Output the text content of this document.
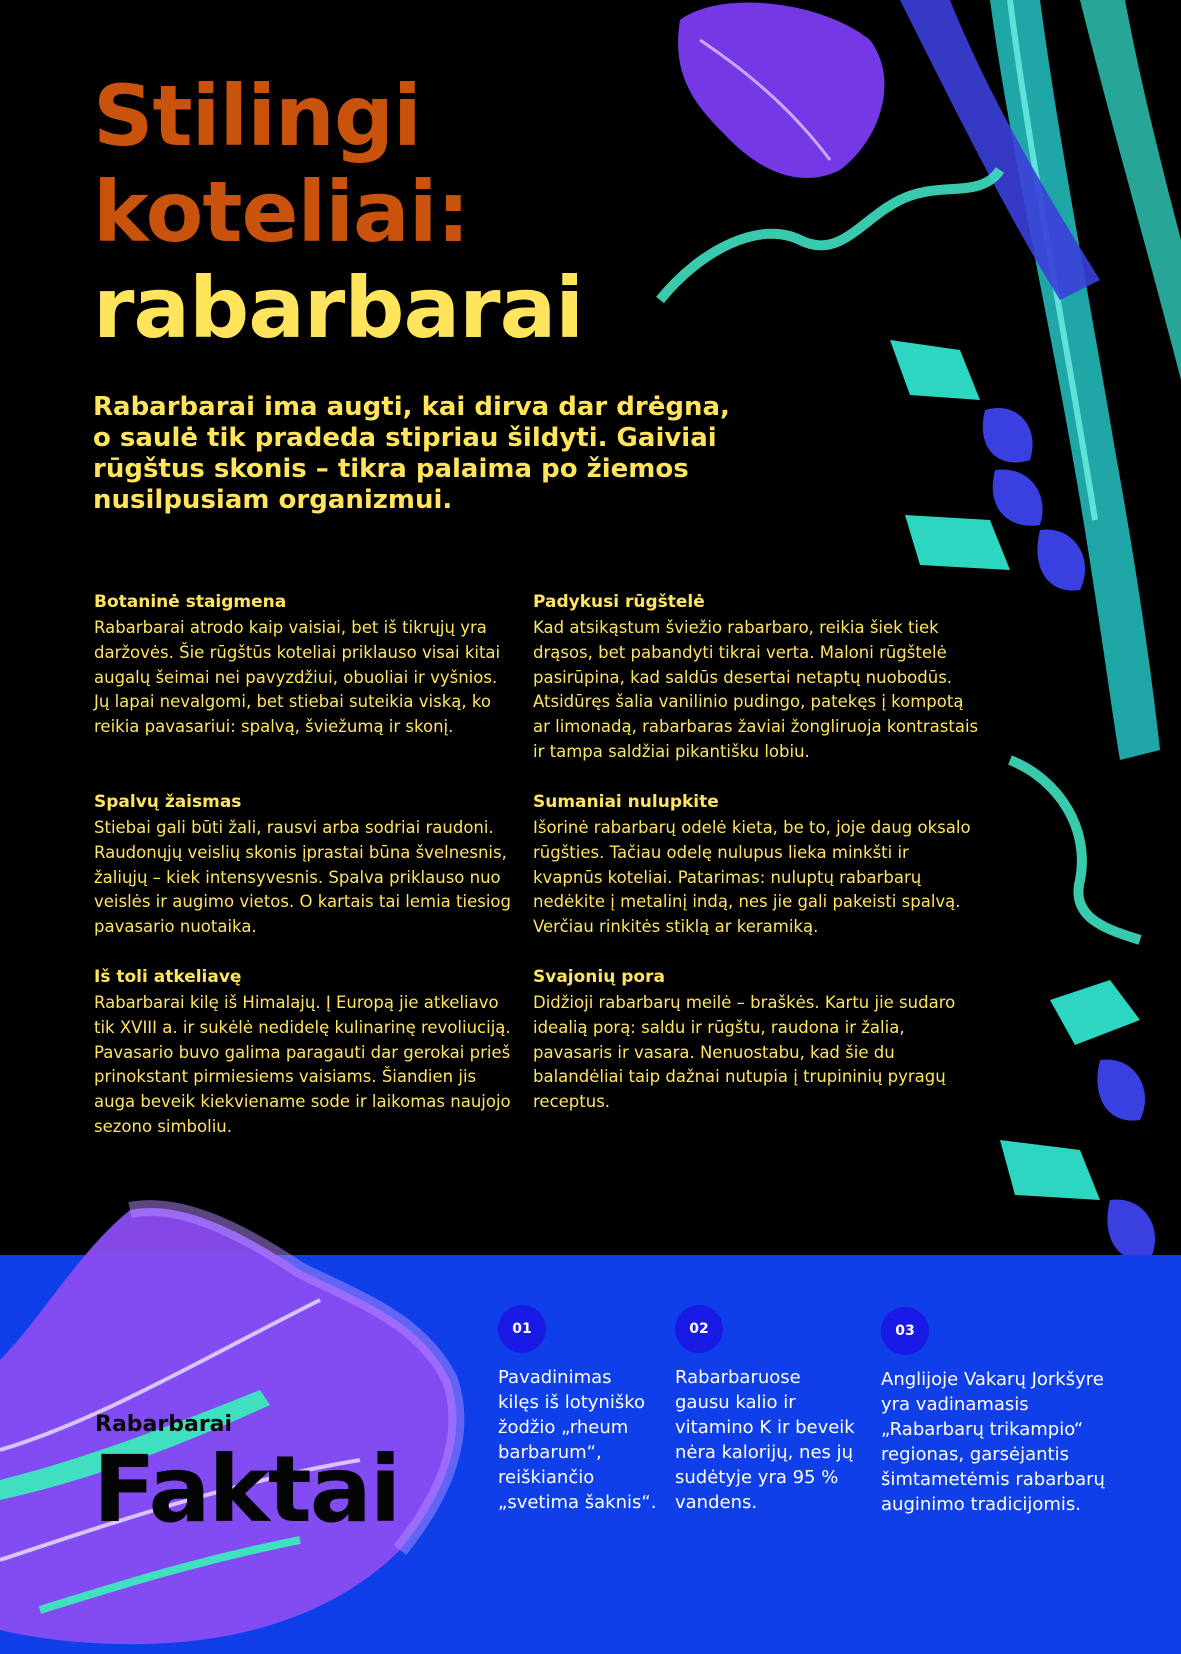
Stilingi
koteliai:
rabarbarai

Rabarbarai ima augti, kai dirva dar drėgna, o saulė tik pradeda stipriau šildyti. Gaiviai rūgštus skonis – tikra palaima po žiemos nusilpusiam organizmui.

Botaninė staigmena

Rabarbarai atrodo kaip vaisiai, bet iš tikrųjų yra daržovės. Šie rūgštūs koteliai priklauso visai kitai augalų šeimai nei pavyzdžiui, obuoliai ir vyšnios. Jų lapai nevalgomi, bet stiebai suteikia viską, ko reikia pavasariui: spalvą, šviežumą ir skonį.

Padykusi rūgštelė

Kad atsikąstum šviežio rabarbaro, reikia šiek tiek drąsos, bet pabandyti tikrai verta. Maloni rūgštelė pasirūpina, kad saldūs desertai netaptų nuobodūs. Atsidūręs šalia vanilinio pudingo, patekęs į kompotą ar limonadą, rabarbaras žaviai žongliruoja kontrastais ir tampa saldžiai pikantišku lobiu.

Spalvų žaismas

Stiebai gali būti žali, rausvi arba sodriai raudoni. Raudonųjų veislių skonis įprastai būna švelnesnis, žaliųjų – kiek intensyvesnis. Spalva priklauso nuo veislės ir augimo vietos. O kartais tai lemia tiesiog pavasario nuotaika.

Sumaniai nulupkite

Išorinė rabarbarų odelė kieta, be to, joje daug oksalo rūgšties. Tačiau odelę nulupus lieka minkšti ir kvapnūs koteliai. Patarimas: nuluptų rabarbarų nedėkite į metalinį indą, nes jie gali pakeisti spalvą. Verčiau rinkitės stiklą ar keramiką.

Iš toli atkeliavę

Rabarbarai kilę iš Himalajų. Į Europą jie atkeliavo tik XVIII a. ir sukėlė nedidelę kulinarinę revoliuciją. Pavasario buvo galima paragauti dar gerokai prieš prinokstant pirmiesiems vaisiams. Šiandien jis auga beveik kiekviename sode ir laikomas naujojo sezono simboliu.

Svajonių pora

Didžioji rabarbarų meilė – braškės. Kartu jie sudaro idealią porą: saldu ir rūgštu, raudona ir žalia, pavasaris ir vasara. Nenuostabu, kad šie du balandėliai taip dažnai nutupia į trupininių pyragų receptus.

Rabarbarai
Faktai
01

Pavadinimas kilęs iš lotyniško žodžio „rheum barbarum“, reiškiančio „svetima šaknis“.

02

Rabarbaruose gausu kalio ir vitamino K ir beveik nėra kalorijų, nes jų sudėtyje yra 95 % vandens.

03

Anglijoje Vakarų Jorkšyre yra vadinamasis „Rabarbarų trikampio“ regionas, garsėjantis šimtametėmis rabarbarų auginimo tradicijomis.
